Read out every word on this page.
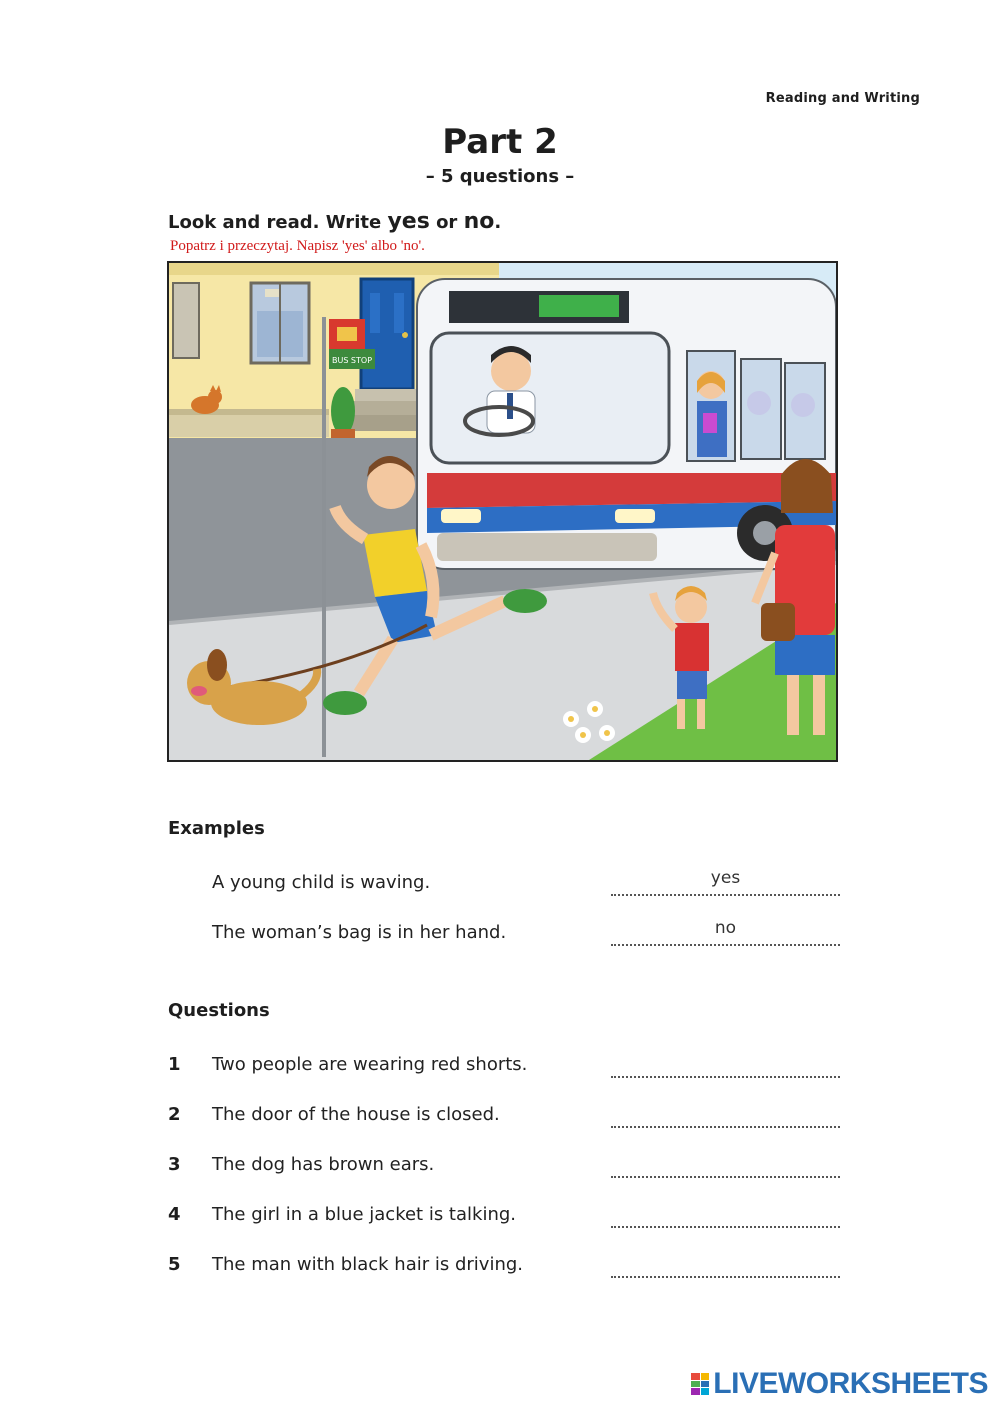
Reading and Writing
Part 2
– 5 questions –
Look and read. Write yes or no.
Popatrz i przeczytaj. Napisz 'yes' albo 'no'.
BUS STOP
Examples
A young child is waving.	yes
The woman’s bag is in her hand.	no
Questions
1 Two people are wearing red shorts.
2 The door of the house is closed.
3 The dog has brown ears.
4 The girl in a blue jacket is talking.
5 The man with black hair is driving.
LIVEWORKSHEETS
